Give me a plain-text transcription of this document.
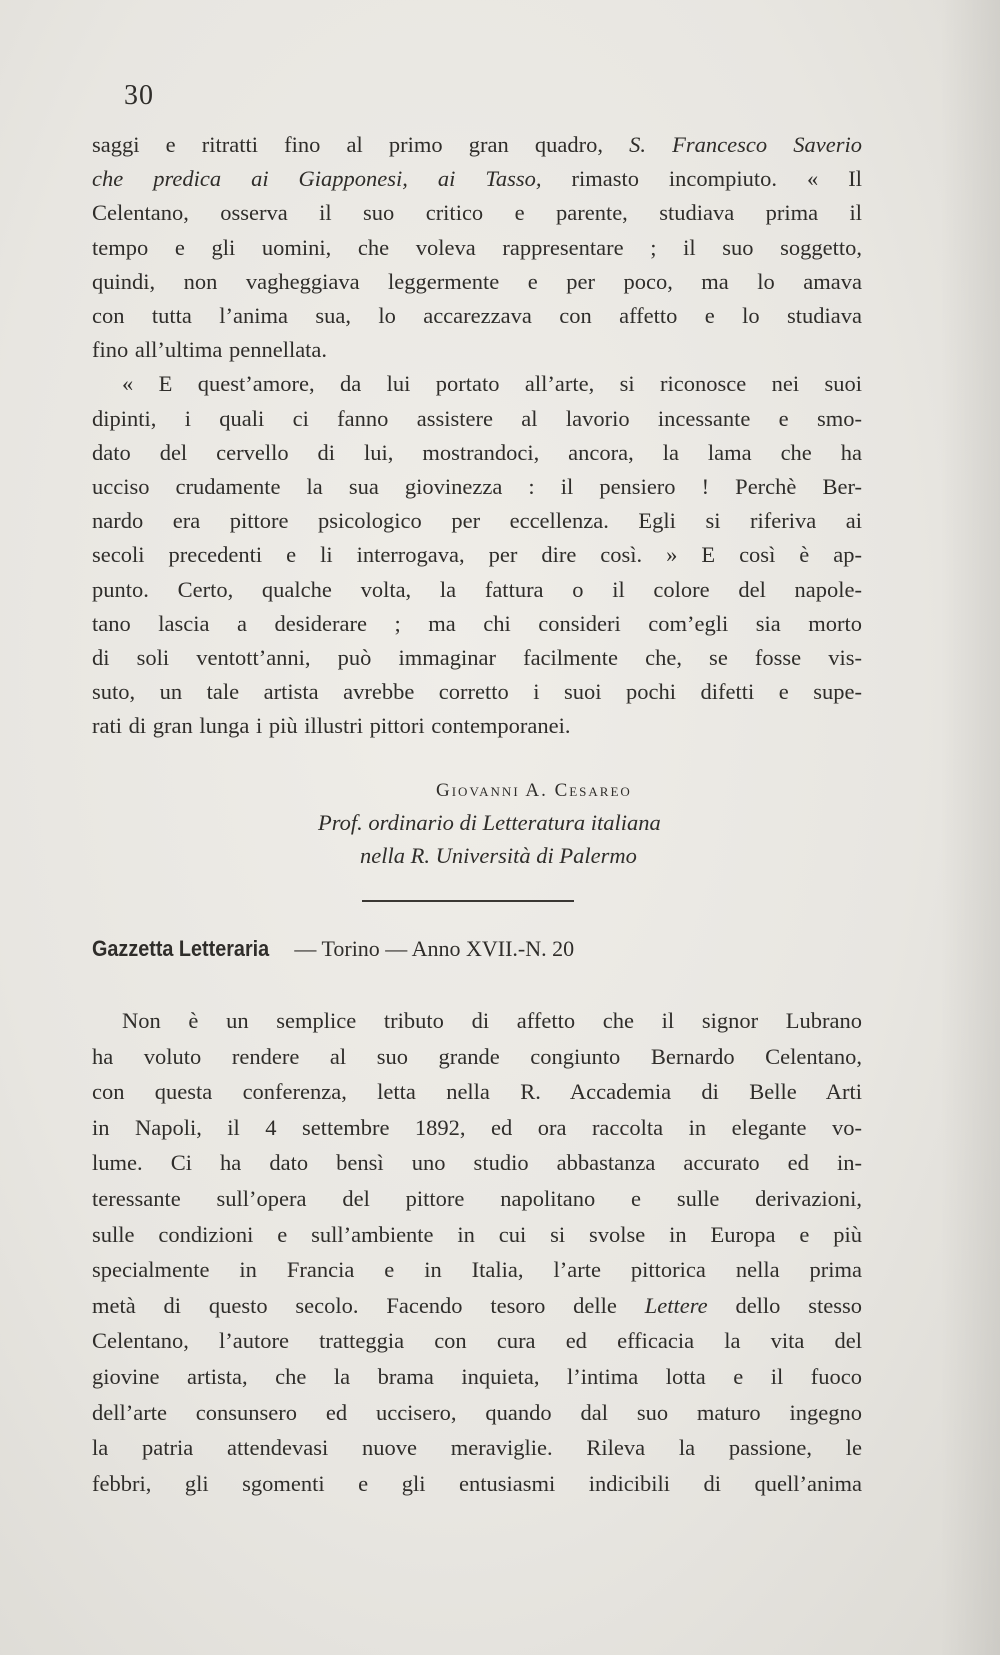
30
saggi e ritratti fino al primo gran quadro, S. Francesco Saverio
che predica ai Giapponesi, ai Tasso, rimasto incompiuto. « Il
Celentano, osserva il suo critico e parente, studiava prima il
tempo e gli uomini, che voleva rappresentare ; il suo soggetto,
quindi, non vagheggiava leggermente e per poco, ma lo amava
con tutta l’anima sua, lo accarezzava con affetto e lo studiava
fino all’ultima pennellata.
« E quest’amore, da lui portato all’arte, si riconosce nei suoi
dipinti, i quali ci fanno assistere al lavorio incessante e smo-
dato del cervello di lui, mostrandoci, ancora, la lama che ha
ucciso crudamente la sua giovinezza : il pensiero ! Perchè Ber-
nardo era pittore psicologico per eccellenza. Egli si riferiva ai
secoli precedenti e li interrogava, per dire così. » E così è ap-
punto. Certo, qualche volta, la fattura o il colore del napole-
tano lascia a desiderare ; ma chi consideri com’egli sia morto
di soli ventott’anni, può immaginar facilmente che, se fosse vis-
suto, un tale artista avrebbe corretto i suoi pochi difetti e supe-
rati di gran lunga i più illustri pittori contemporanei.
Giovanni A. Cesareo
Prof. ordinario di Letteratura italiana
nella R. Università di Palermo
Gazzetta Letteraria — Torino — Anno XVII.-N. 20
Non è un semplice tributo di affetto che il signor Lubrano
ha voluto rendere al suo grande congiunto Bernardo Celentano,
con questa conferenza, letta nella R. Accademia di Belle Arti
in Napoli, il 4 settembre 1892, ed ora raccolta in elegante vo-
lume. Ci ha dato bensì uno studio abbastanza accurato ed in-
teressante sull’opera del pittore napolitano e sulle derivazioni,
sulle condizioni e sull’ambiente in cui si svolse in Europa e più
specialmente in Francia e in Italia, l’arte pittorica nella prima
metà di questo secolo. Facendo tesoro delle Lettere dello stesso
Celentano, l’autore tratteggia con cura ed efficacia la vita del
giovine artista, che la brama inquieta, l’intima lotta e il fuoco
dell’arte consunsero ed uccisero, quando dal suo maturo ingegno
la patria attendevasi nuove meraviglie. Rileva la passione, le
febbri, gli sgomenti e gli entusiasmi indicibili di quell’anima
